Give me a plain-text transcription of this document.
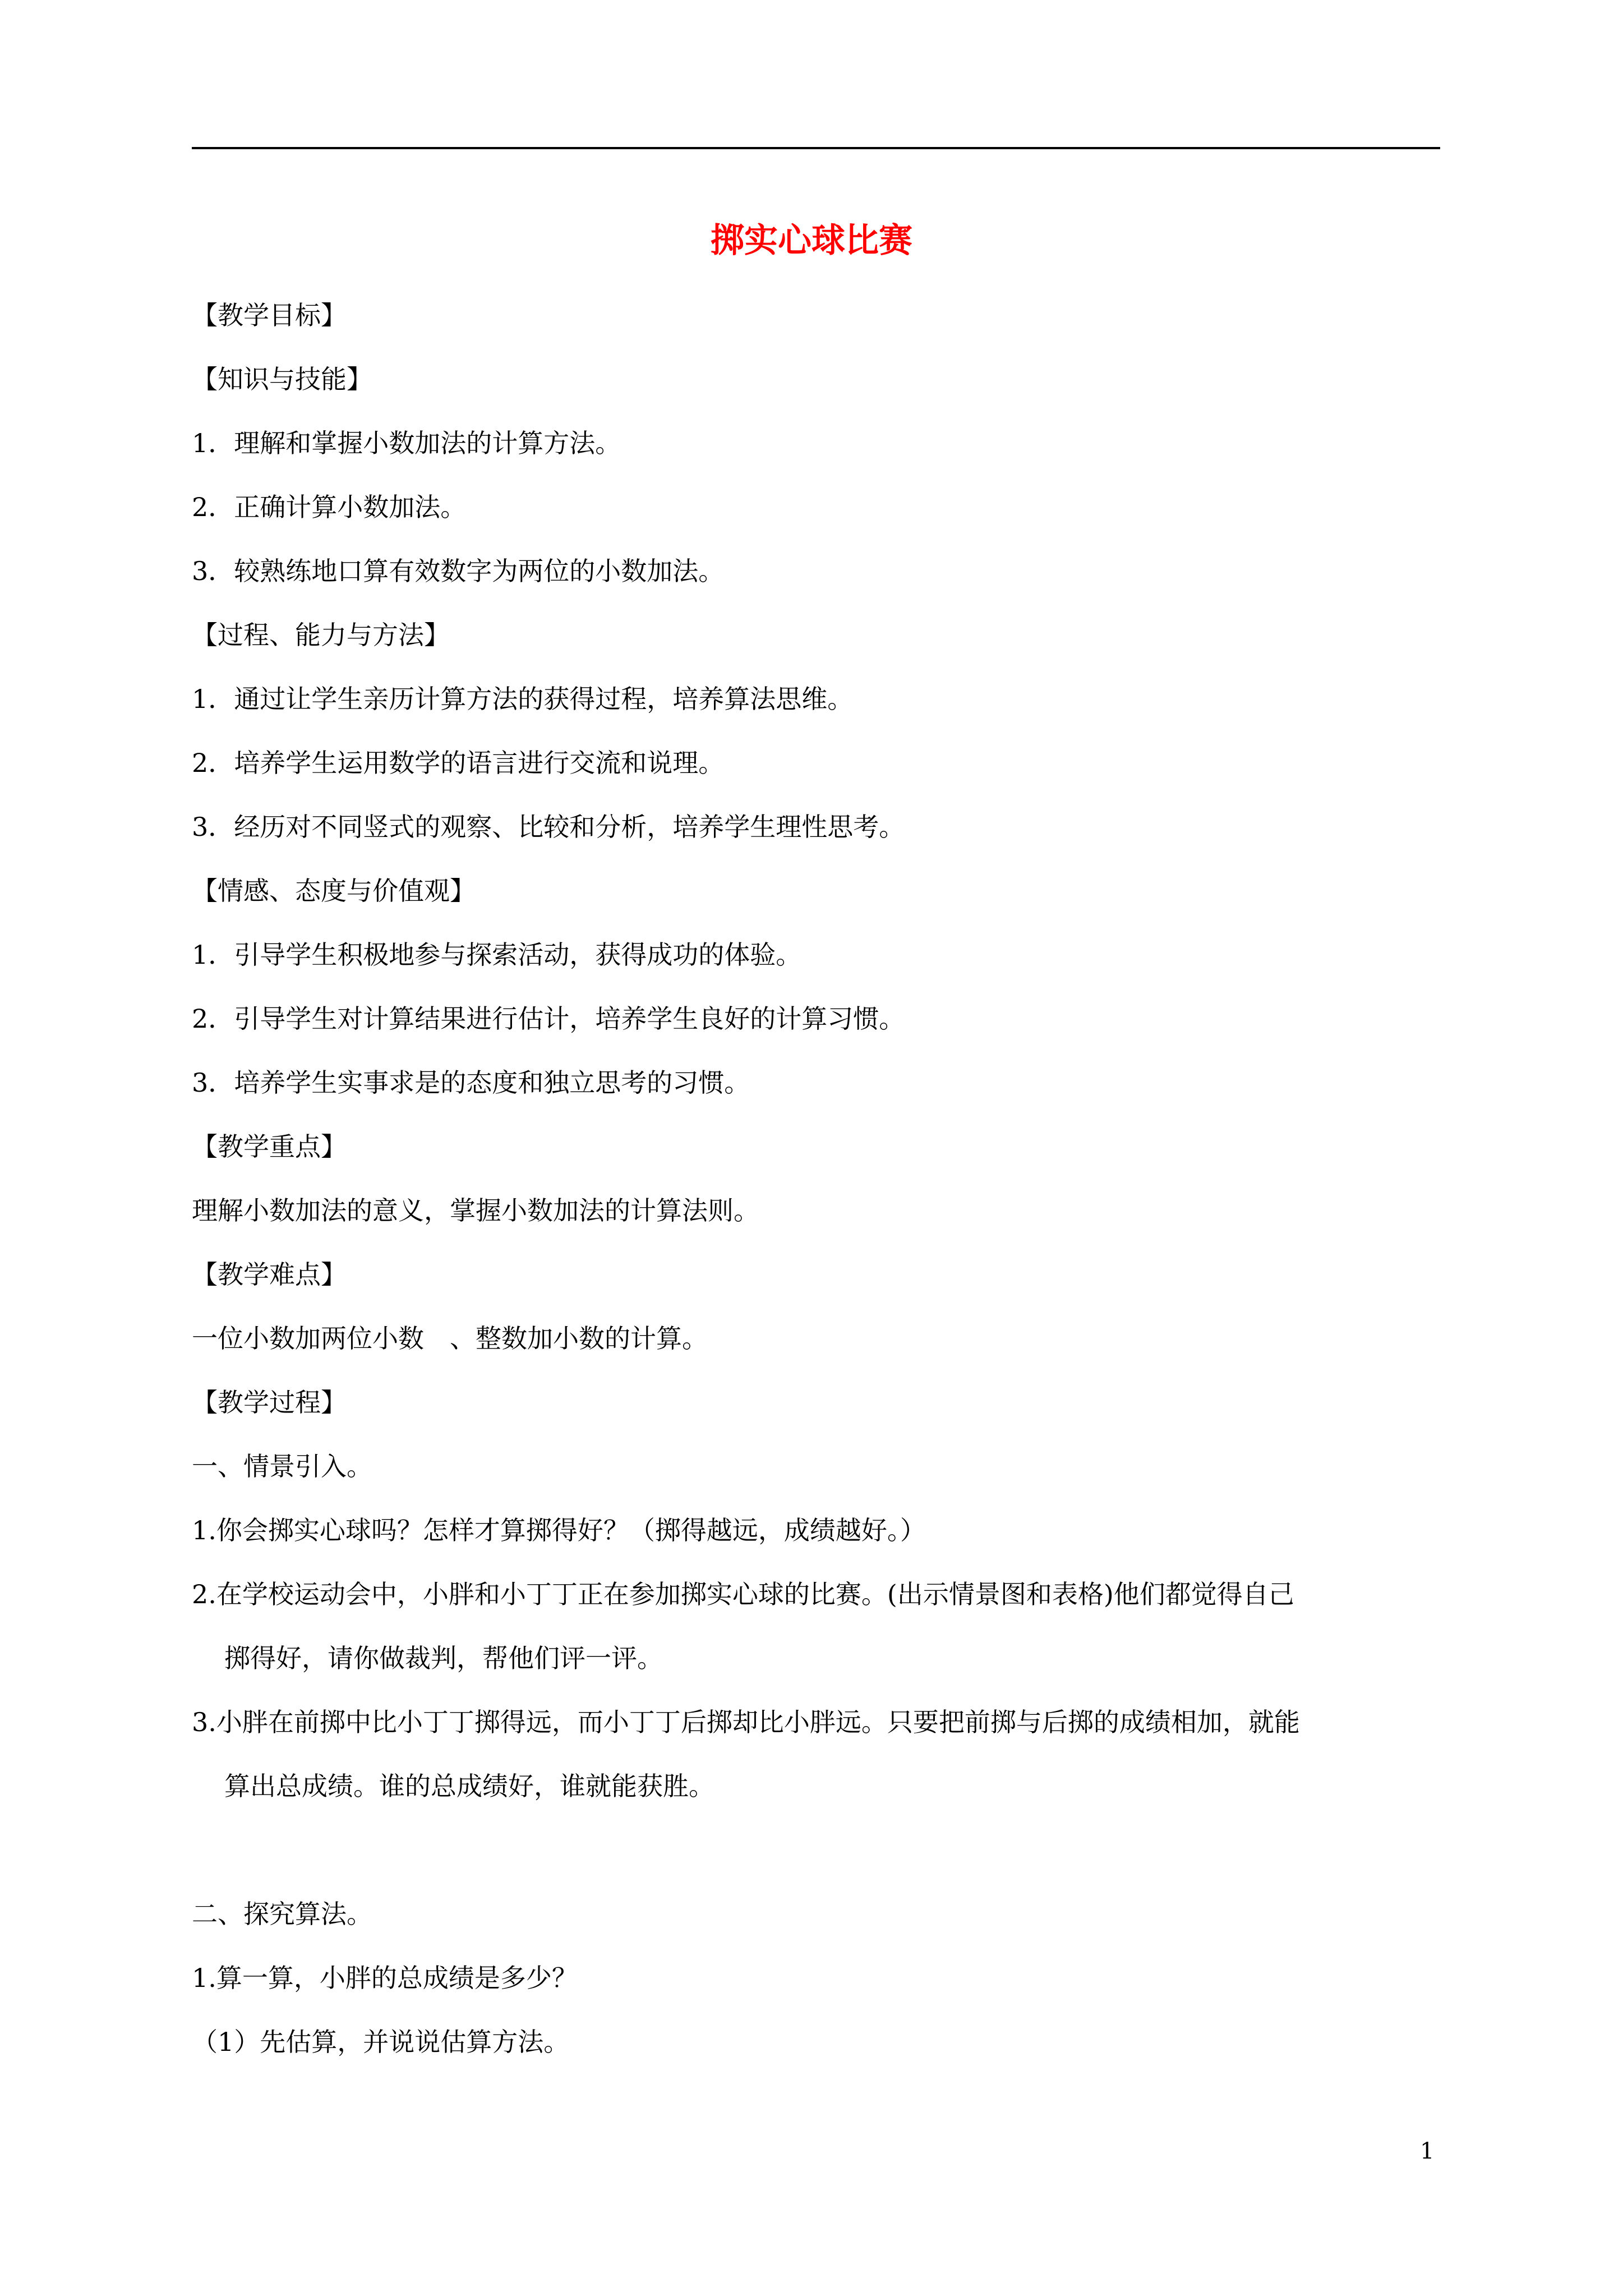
掷实心球比赛

【教学目标】

【知识与技能】

1．理解和掌握小数加法的计算方法。

2．正确计算小数加法。

3．较熟练地口算有效数字为两位的小数加法。

【过程、能力与方法】

1．通过让学生亲历计算方法的获得过程，培养算法思维。

2．培养学生运用数学的语言进行交流和说理。

3．经历对不同竖式的观察、比较和分析，培养学生理性思考。

【情感、态度与价值观】

1．引导学生积极地参与探索活动，获得成功的体验。

2．引导学生对计算结果进行估计，培养学生良好的计算习惯。

3．培养学生实事求是的态度和独立思考的习惯。

【教学重点】

理解小数加法的意义，掌握小数加法的计算法则。

【教学难点】

一位小数加两位小数　、整数加小数的计算。

【教学过程】

一、情景引入。

1.你会掷实心球吗？怎样才算掷得好？（掷得越远，成绩越好。）

2.在学校运动会中，小胖和小丁丁正在参加掷实心球的比赛。(出示情景图和表格)他们都觉得自己

掷得好，请你做裁判，帮他们评一评。

3.小胖在前掷中比小丁丁掷得远，而小丁丁后掷却比小胖远。只要把前掷与后掷的成绩相加，就能

算出总成绩。谁的总成绩好，谁就能获胜。

二、探究算法。

1.算一算，小胖的总成绩是多少？

（1）先估算，并说说估算方法。

1
